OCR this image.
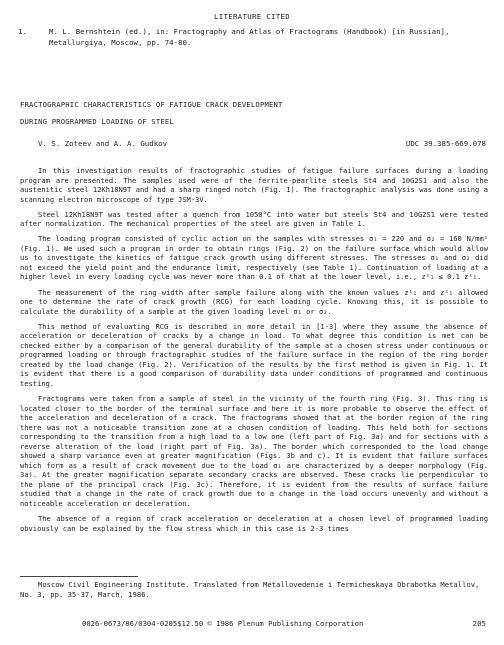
LITERATURE CITED
1.	M. L. Bernshtein (ed.), in: Fractography and Atlas of Fractograms (Handbook) [in Russian], Metallurgiya, Moscow, pp. 74-80.
FRACTOGRAPHIC CHARACTERISTICS OF FATIGUE CRACK DEVELOPMENT
DURING PROGRAMMED LOADING OF STEEL
V. S. Zoteev and A. A. Gudkov	UDC 39.385-669.078

In this investigation results of fractographic studies of fatigue failure surfaces during a loading program are presented. The samples used were of the ferrite-pearlite steels St4 and 10G2S1 and also the austenitic steel 12Kh18N9T and had a sharp ringed notch (Fig. 1). The fractographic analysis was done using a scanning electron microscope of type JSM-3V.

Steel 12Kh18N9T was tested after a quench from 1050°C into water but steels St4 and 10G2S1 were tested after normalization. The mechanical properties of the steel are given in Table 1.

The loading program consisted of cyclic action on the samples with stresses σ₁ = 220 and σ₂ = 160 N/mm² (Fig. 1). We used such a program in order to obtain rings (Fig. 2) on the failure surface which would allow us to investigate the kinetics of fatigue crack growth using different stresses. The stresses σ₁ and σ₂ did not exceed the yield point and the endurance limit, respectively (see Table 1). Continuation of loading at a higher level in every loading cycle was never more than 0.1 of that at the lower level, i.e., z¹₁ ≤ 0.1 z²₁.

The measurement of the ring width after sample failure along with the known values z¹₁ and z²₁ allowed one to determine the rate of crack growth (RCG) for each loading cycle. Knowing this, it is possible to calculate the durability of a sample at the given loading level σ₁ or σ₂.

This method of evaluating RCG is described in more detail in [1-3] where they assume the absence of acceleration or deceleration of cracks by a change in load. To what degree this condition is met can be checked either by a comparison of the general durability of the sample at a chosen stress under continuous or programmed loading or through fractographic studies of the failure surface in the region of the ring border created by the load change (Fig. 2). Verification of the results by the first method is given in Fig. 1. It is evident that there is a good comparison of durability data under conditions of programmed and continuous testing.

Fractograms were taken from a sample of steel in the vicinity of the fourth ring (Fig. 3). This ring is located closer to the border of the terminal surface and here it is more probable to observe the effect of the acceleration and deceleration of a crack. The fractograms showed that at the border region of the ring there was not a noticeable transition zone at a chosen condition of loading. This held both for sections corresponding to the transition from a high load to a low one (left part of Fig. 3a) and for sections with a reverse alteration of the load (right part of Fig. 3a). The border which corresponded to the load change showed a sharp variance even at greater magnification (Figs. 3b and c). It is evident that failure surfaces which form as a result of crack movement due to the load σ₁ are characterized by a deeper morphology (Fig. 3a). At the greater magnification separate secondary cracks are observed. These cracks lie perpendicular to the plane of the principal crack (Fig. 3c). Therefore, it is evident from the results of surface failure studied that a change in the rate of crack growth due to a change in the load occurs unevenly and without a noticeable acceleration or deceleration.

The absence of a region of crack acceleration or deceleration at a chosen level of programmed loading obviously can be explained by the flow stress which in this case is 2-3 times

Moscow Civil Engineering Institute. Translated from Metallovedenie i Termicheskaya Obrabotka Metallov, No. 3, pp. 35-37, March, 1986.
0026-0673/86/0304-0205$12.50 © 1986 Plenum Publishing Corporation	205
